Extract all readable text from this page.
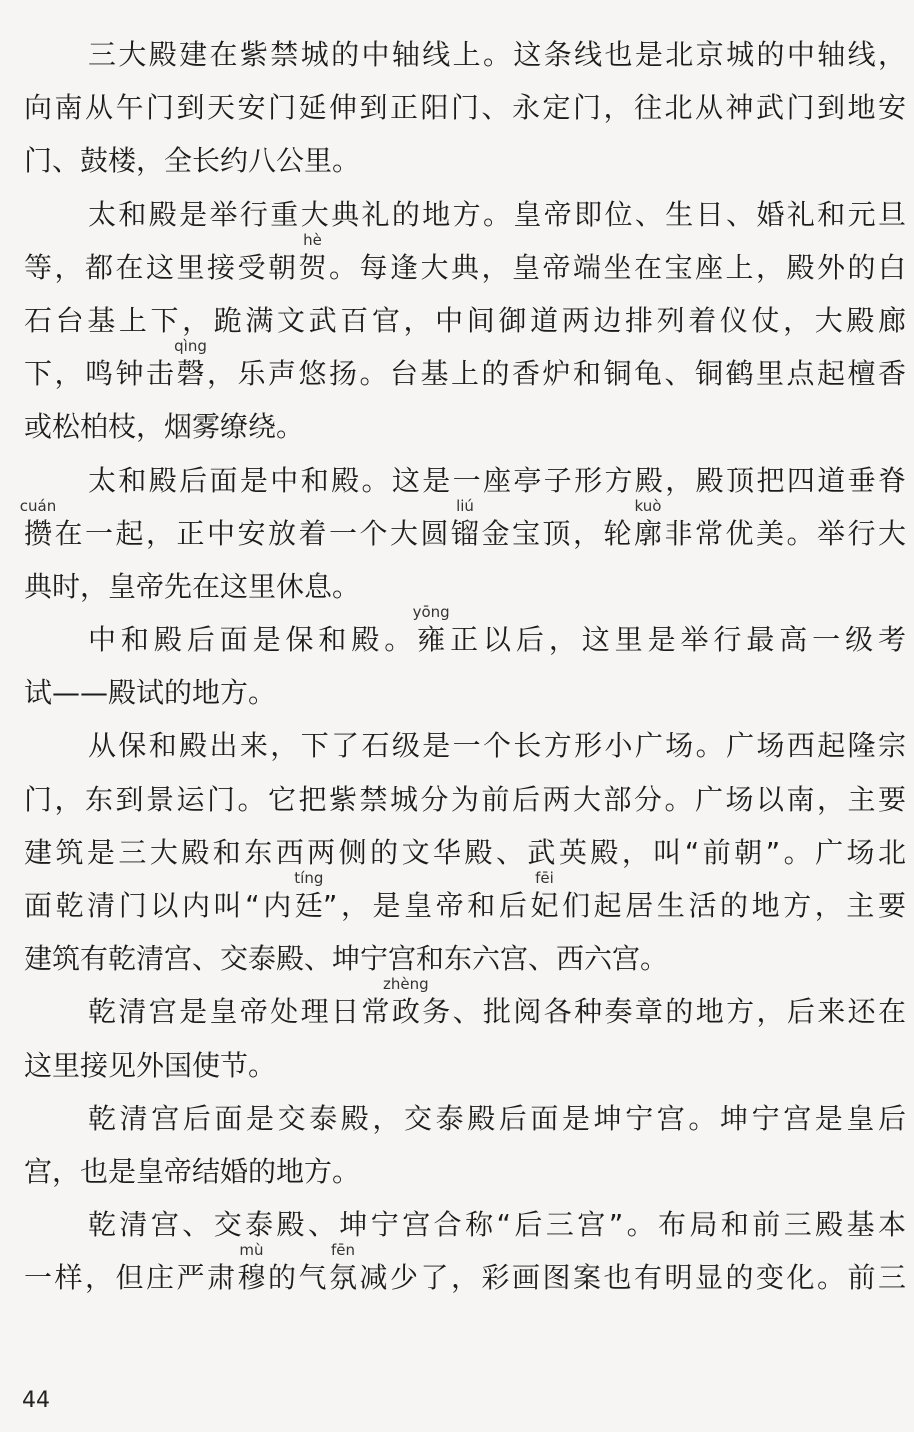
三大殿建在紫禁城的中轴线上。这条线也是北京城的中轴线，
向南从午门到天安门延伸到正阳门、永定门，往北从神武门到地安
门、鼓楼，全长约八公里。
太和殿是举行重大典礼的地方。皇帝即位、生日、婚礼和元旦
等，都在这里接受朝贺
hè
。每逢大典，皇帝端坐在宝座上，殿外的白
石台基上下，跪满文武百官，中间御道两边排列着仪仗，大殿廊
下，鸣钟击磬
qìng
，乐声悠扬。台基上的香炉和铜龟、铜鹤里点起檀香
或松柏枝，烟雾缭绕。
太和殿后面是中和殿。这是一座亭子形方殿，殿顶把四道垂脊
攒
cuán
在一起，正中安放着一个大圆镏
liú
金宝顶，轮廓
kuò
非常优美。举行大
典时，皇帝先在这里休息。
中和殿后面是保和殿。雍
yōng
正以后，这里是举行最高一级考
试——殿试的地方。
从保和殿出来，下了石级是一个长方形小广场。广场西起隆宗
门，东到景运门。它把紫禁城分为前后两大部分。广场以南，主要
建筑是三大殿和东西两侧的文华殿、武英殿，叫“前朝”。广场北
面乾清门以内叫“内廷
tíng
”，是皇帝和后妃
fēi
们起居生活的地方，主要
建筑有乾清宫、交泰殿、坤宁宫和东六宫、西六宫。
乾清宫是皇帝处理日常政
zhèng
务、批阅各种奏章的地方，后来还在
这里接见外国使节。
乾清宫后面是交泰殿，交泰殿后面是坤宁宫。坤宁宫是皇后
宫，也是皇帝结婚的地方。
乾清宫、交泰殿、坤宁宫合称“后三宫”。布局和前三殿基本
一样，但庄严肃穆
mù
的气氛
fēn
减少了，彩画图案也有明显的变化。前三
44
